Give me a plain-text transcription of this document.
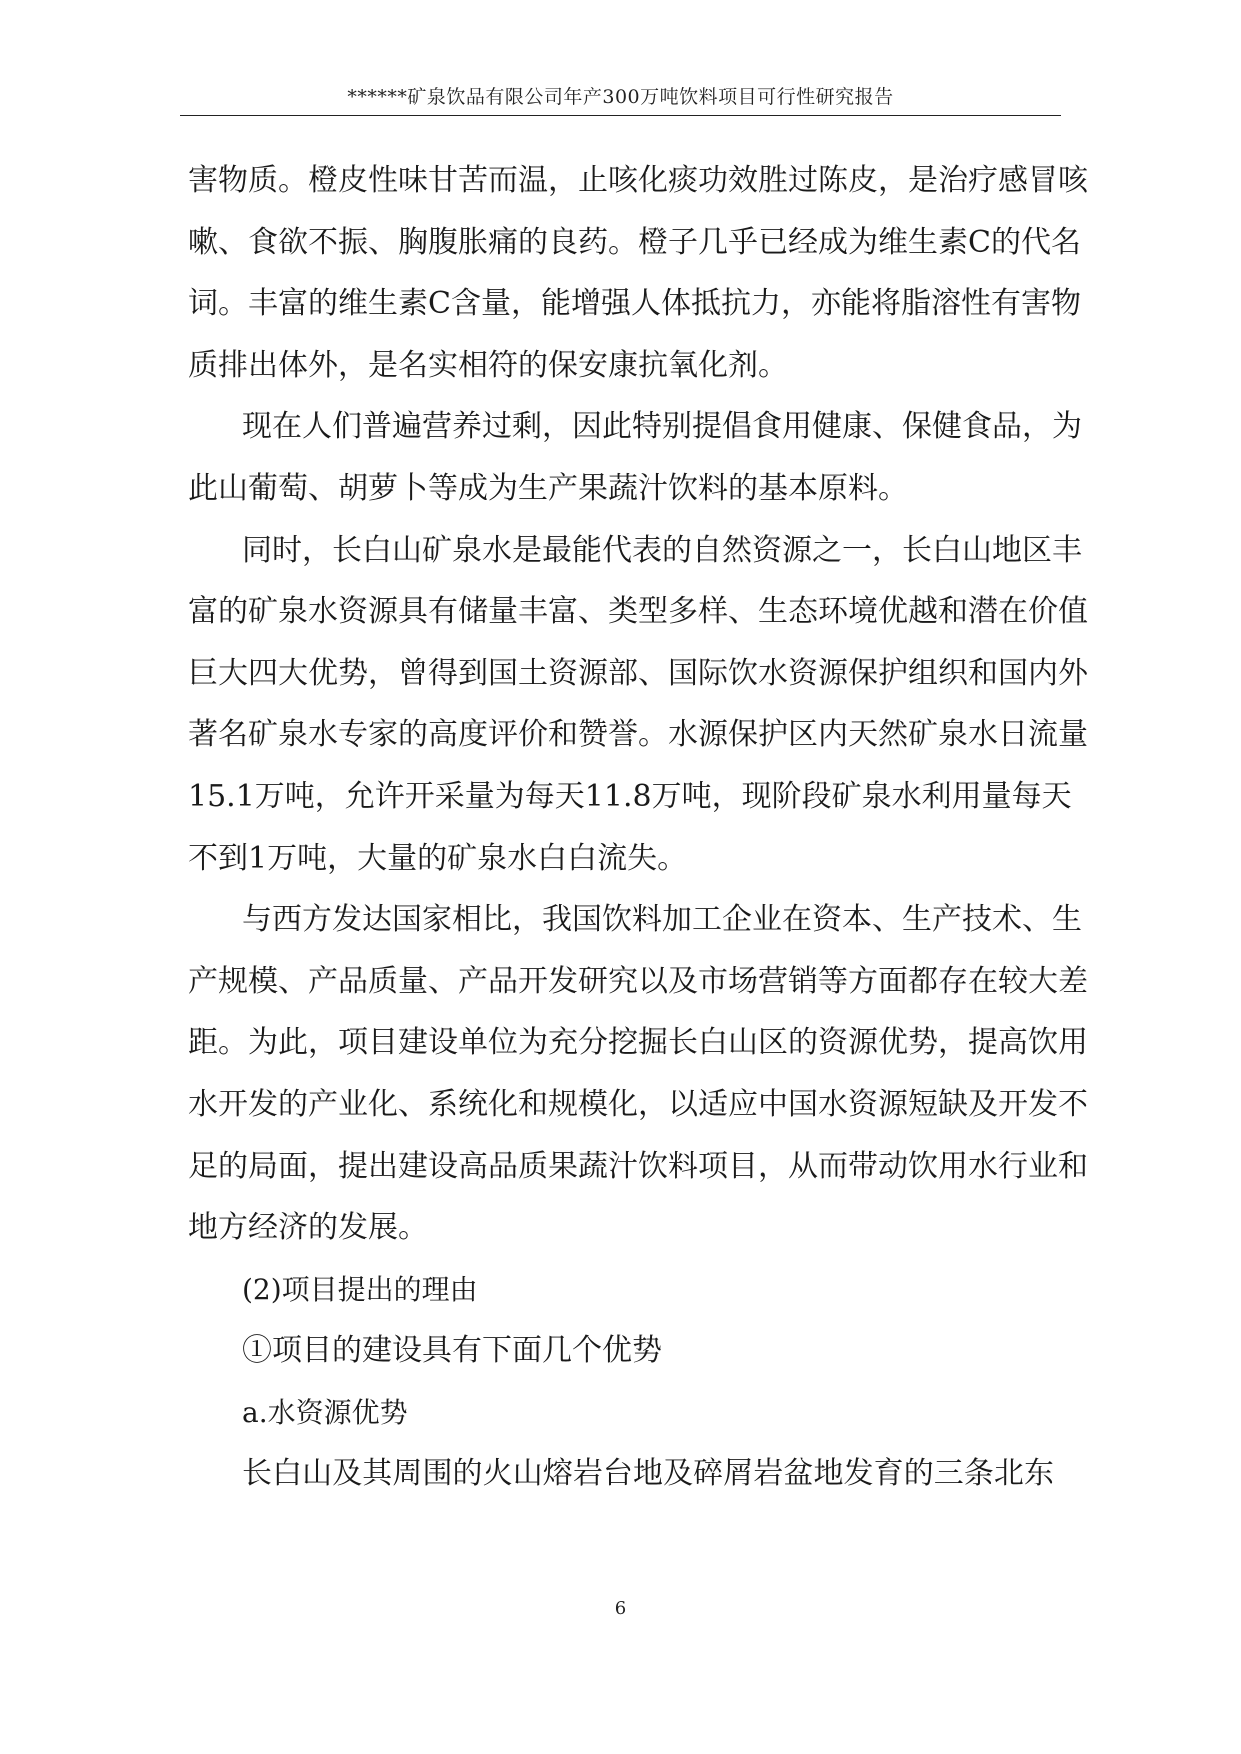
******矿泉饮品有限公司年产300万吨饮料项目可行性研究报告
害物质。橙皮性味甘苦而温，止咳化痰功效胜过陈皮，是治疗感冒咳
嗽、食欲不振、胸腹胀痛的良药。橙子几乎已经成为维生素C的代名
词。丰富的维生素C含量，能增强人体抵抗力，亦能将脂溶性有害物
质排出体外，是名实相符的保安康抗氧化剂。
现在人们普遍营养过剩，因此特别提倡食用健康、保健食品，为
此山葡萄、胡萝卜等成为生产果蔬汁饮料的基本原料。
同时，长白山矿泉水是最能代表的自然资源之一，长白山地区丰
富的矿泉水资源具有储量丰富、类型多样、生态环境优越和潜在价值
巨大四大优势，曾得到国土资源部、国际饮水资源保护组织和国内外
著名矿泉水专家的高度评价和赞誉。水源保护区内天然矿泉水日流量
15.1万吨，允许开采量为每天11.8万吨，现阶段矿泉水利用量每天
不到1万吨，大量的矿泉水白白流失。
与西方发达国家相比，我国饮料加工企业在资本、生产技术、生
产规模、产品质量、产品开发研究以及市场营销等方面都存在较大差
距。为此，项目建设单位为充分挖掘长白山区的资源优势，提高饮用
水开发的产业化、系统化和规模化，以适应中国水资源短缺及开发不
足的局面，提出建设高品质果蔬汁饮料项目，从而带动饮用水行业和
地方经济的发展。
(2)项目提出的理由
①项目的建设具有下面几个优势
a.水资源优势
长白山及其周围的火山熔岩台地及碎屑岩盆地发育的三条北东
6
